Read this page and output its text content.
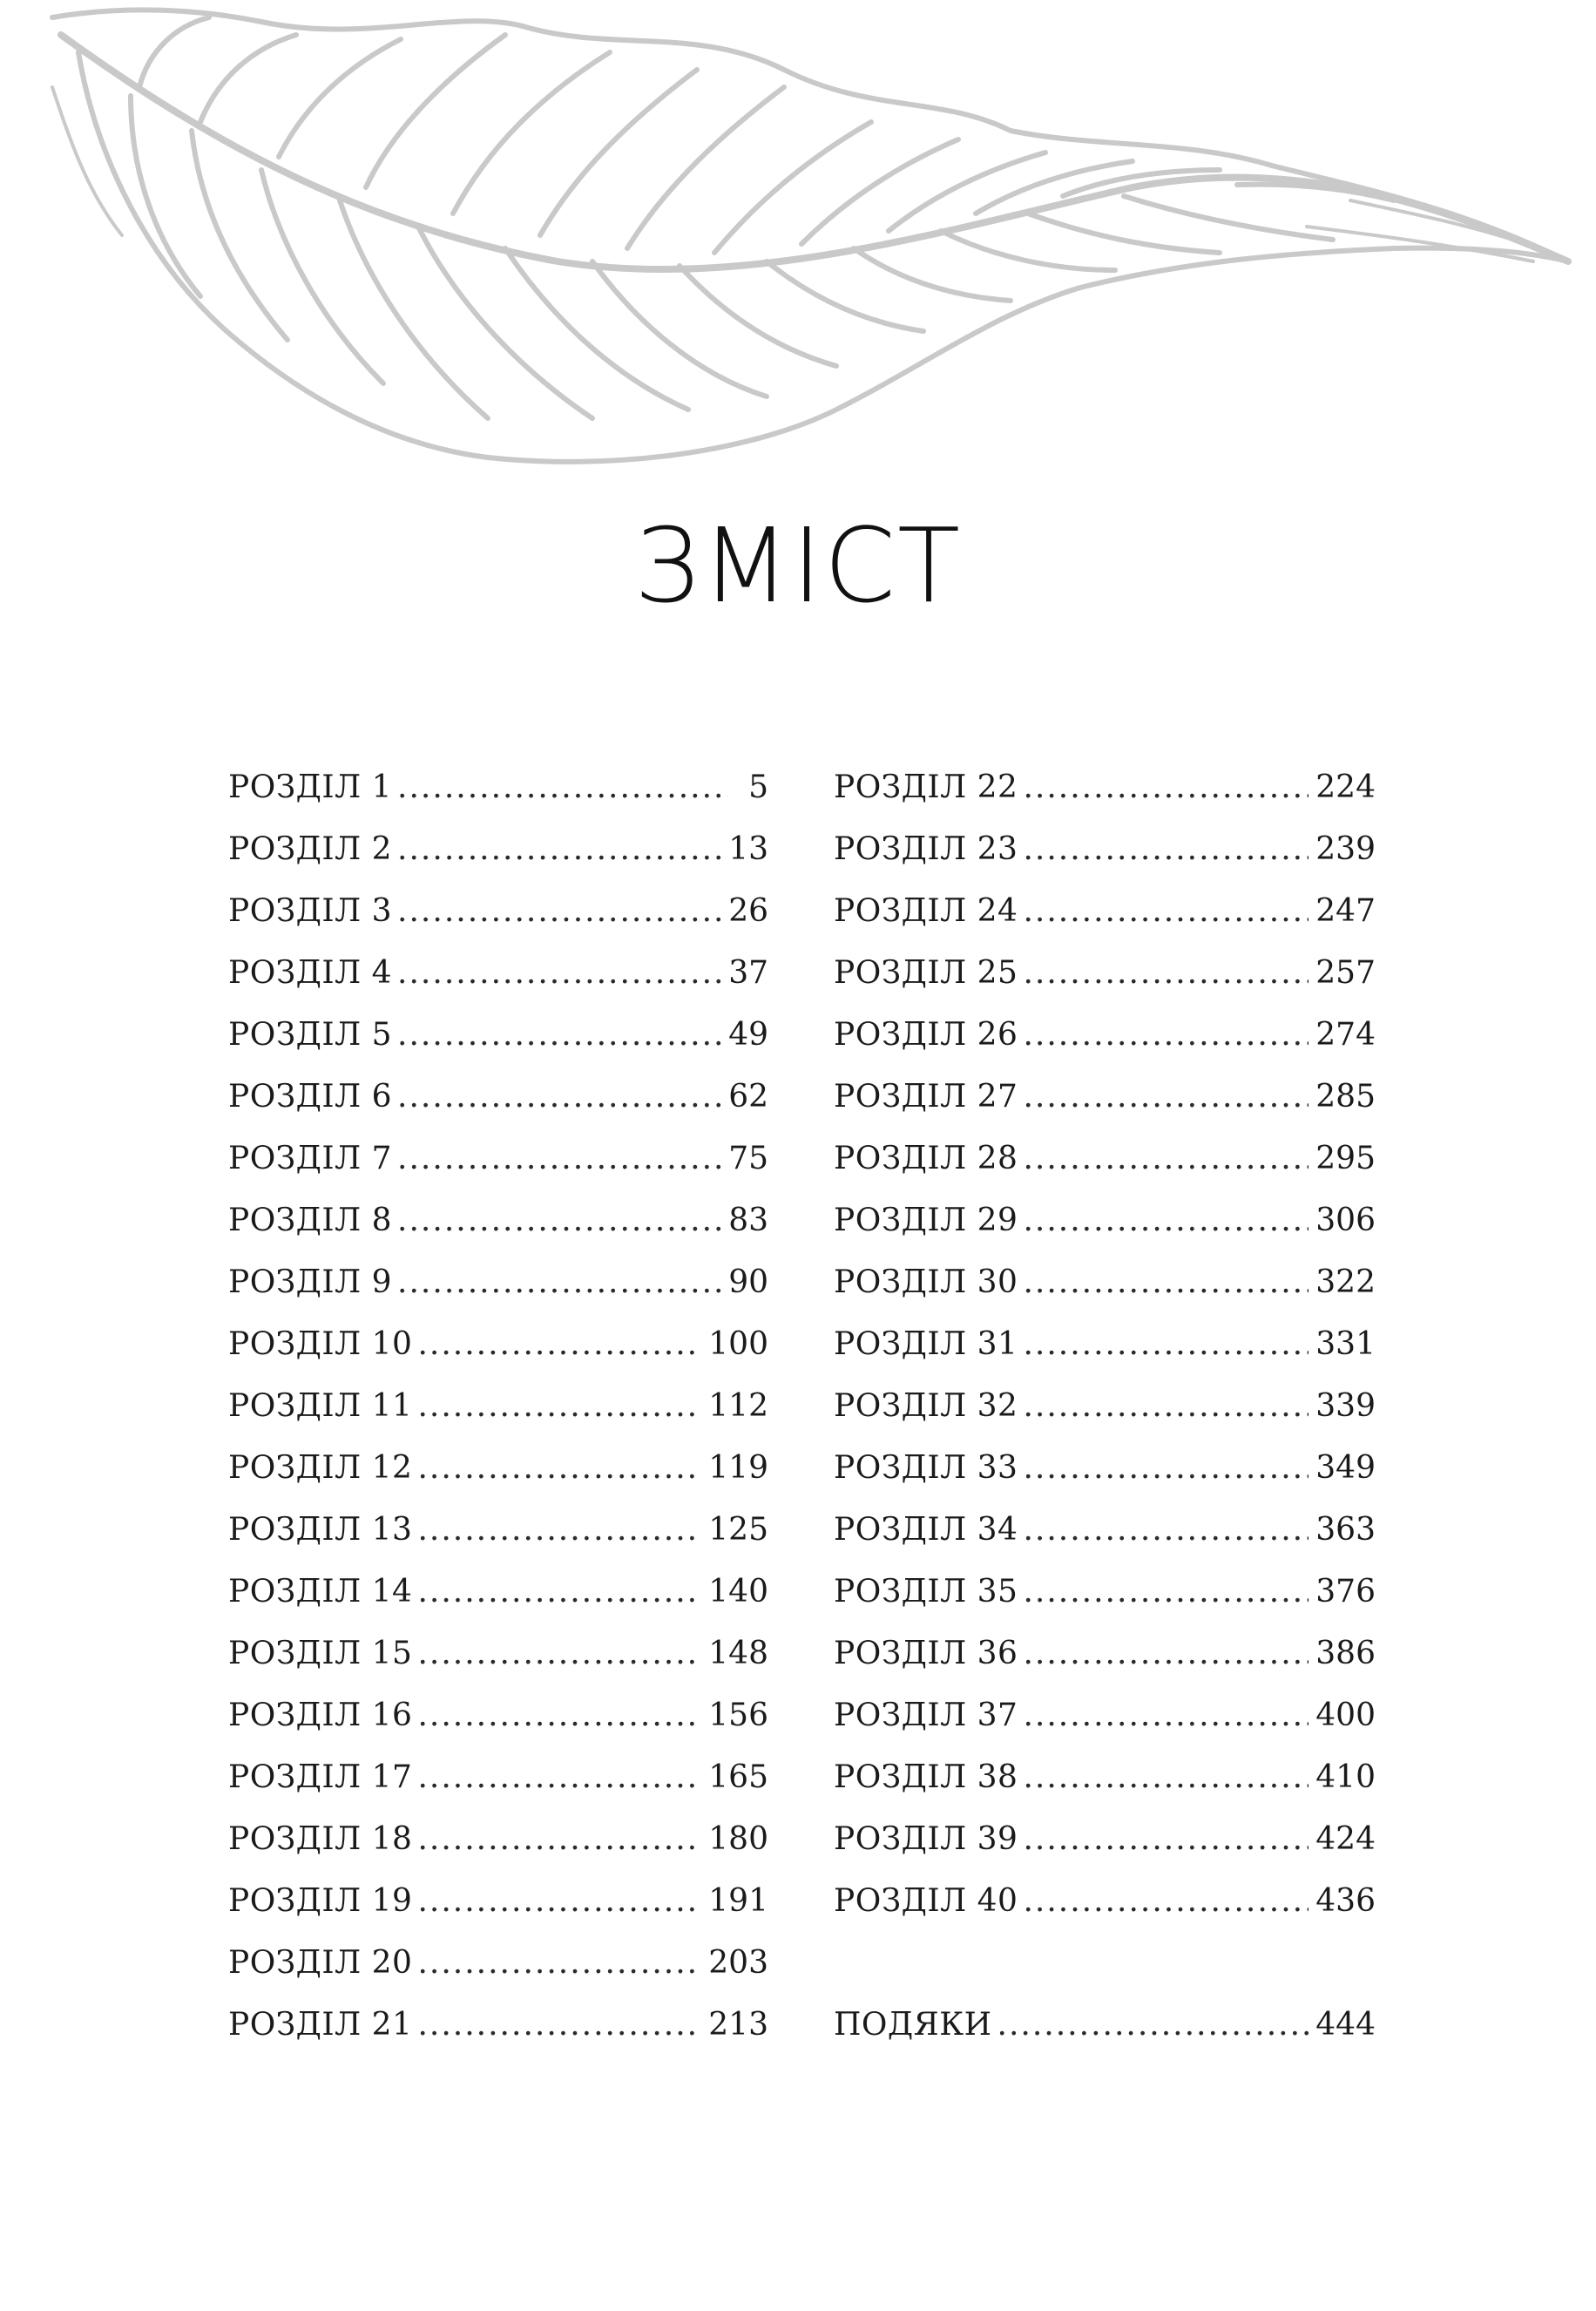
ЗМІСТ
РОЗДІЛ 1 .....	5
РОЗДІЛ 2 .....	13
РОЗДІЛ 3 .....	26
РОЗДІЛ 4 .....	37
РОЗДІЛ 5 .....	49
РОЗДІЛ 6 .....	62
РОЗДІЛ 7 .....	75
РОЗДІЛ 8 .....	83
РОЗДІЛ 9 .....	90
РОЗДІЛ 10 .....	100
РОЗДІЛ 11 .....	112
РОЗДІЛ 12 .....	119
РОЗДІЛ 13 .....	125
РОЗДІЛ 14 .....	140
РОЗДІЛ 15 .....	148
РОЗДІЛ 16 .....	156
РОЗДІЛ 17 .....	165
РОЗДІЛ 18 .....	180
РОЗДІЛ 19 .....	191
РОЗДІЛ 20 .....	203
РОЗДІЛ 21 .....	213
РОЗДІЛ 22 .....	224
РОЗДІЛ 23 .....	239
РОЗДІЛ 24 .....	247
РОЗДІЛ 25 .....	257
РОЗДІЛ 26 .....	274
РОЗДІЛ 27 .....	285
РОЗДІЛ 28 .....	295
РОЗДІЛ 29 .....	306
РОЗДІЛ 30 .....	322
РОЗДІЛ 31 .....	331
РОЗДІЛ 32 .....	339
РОЗДІЛ 33 .....	349
РОЗДІЛ 34 .....	363
РОЗДІЛ 35 .....	376
РОЗДІЛ 36 .....	386
РОЗДІЛ 37 .....	400
РОЗДІЛ 38 .....	410
РОЗДІЛ 39 .....	424
РОЗДІЛ 40 .....	436
ПОДЯКИ .....	444
